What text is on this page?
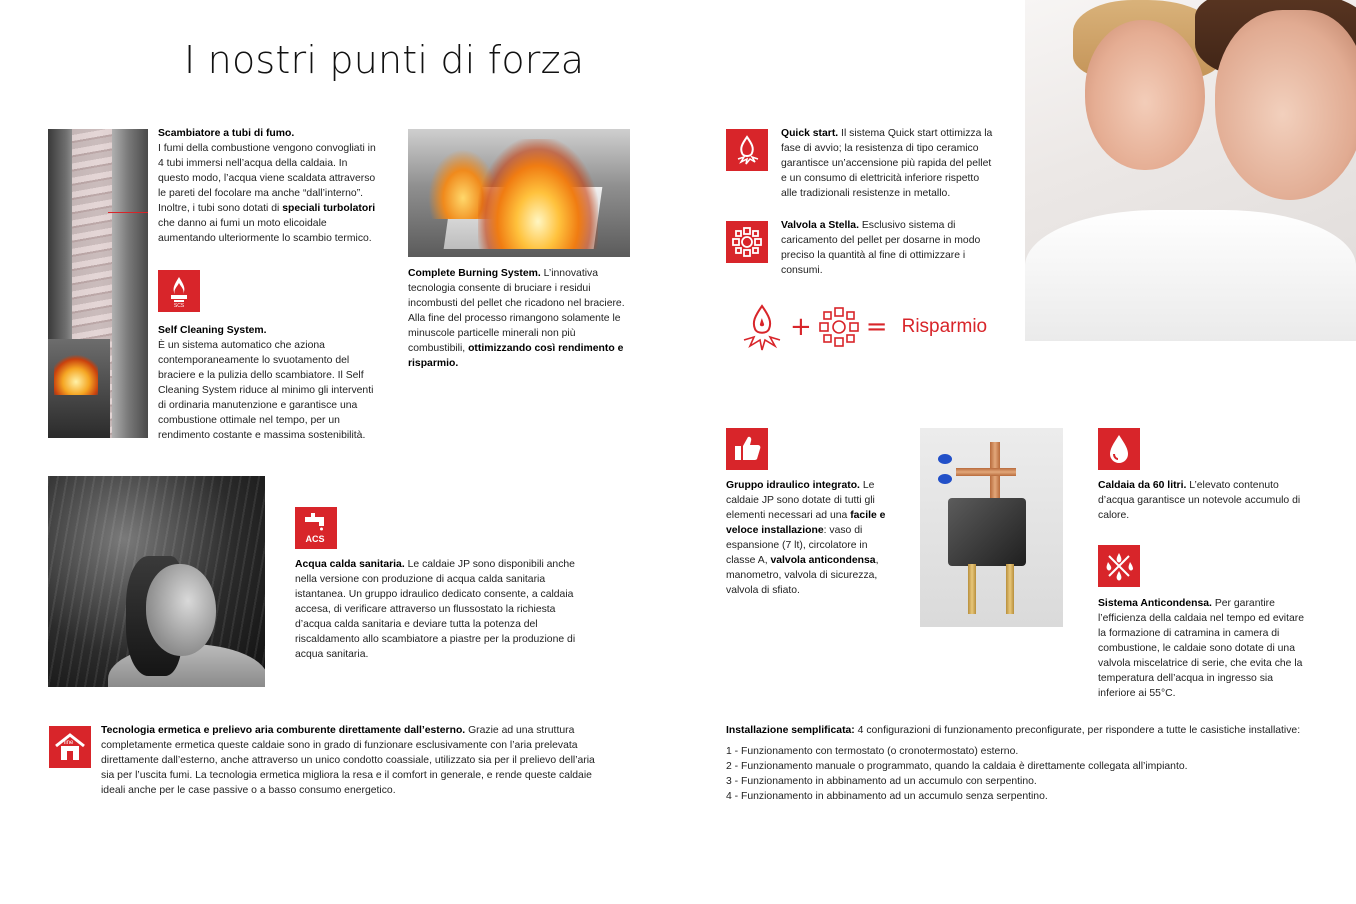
I nostri punti di forza
Scambiatore a tubi di fumo.
I fumi della combustione vengono convogliati in 4 tubi immersi nell’acqua della caldaia. In questo modo, l’acqua viene scaldata attraverso le pareti del focolare ma anche “dall’interno”. Inoltre, i tubi sono dotati di speciali turbolatori che danno ai fumi un moto elicoidale aumentando ulteriormente lo scambio termico.
SCS
Self Cleaning System.
È un sistema automatico che aziona contemporaneamente lo svuotamento del braciere e la pulizia dello scambiatore. Il Self Cleaning System riduce al minimo gli interventi di ordinaria manutenzione e garantisce una combustione ottimale nel tempo, per un rendimento costante e massima sostenibilità.
Complete Burning System. L’innovativa tecnologia consente di bruciare i residui incombusti del pellet che ricadono nel braciere. Alla fine del processo rimangono solamente le minuscole particelle minerali non più combustibili, ottimizzando così rendimento e risparmio.
ACS
Acqua calda sanitaria. Le caldaie JP sono disponibili anche nella versione con produzione di acqua calda sanitaria istantanea. Un gruppo idraulico dedicato consente, a caldaia accesa, di verificare attraverso un flussostato la richiesta d’acqua calda sanitaria e deviare tutta la potenza del riscaldamento allo scambiatore a piastre per la produzione di acqua sanitaria.
line
Tecnologia ermetica e prelievo aria comburente direttamente dall’esterno. Grazie ad una struttura completamente ermetica queste caldaie sono in grado di funzionare esclusivamente con l’aria prelevata direttamente dall’esterno, anche attraverso un unico condotto coassiale, utilizzato sia per il prelievo dell’aria sia per l’uscita fumi. La tecnologia ermetica migliora la resa e il comfort in generale, e rende queste caldaie ideali anche per le case passive o a basso consumo energetico.
Quick start. Il sistema Quick start ottimizza la fase di avvio; la resistenza di tipo ceramico garantisce un’accensione più rapida del pellet e un consumo di elettricità inferiore rispetto alle tradizionali resistenze in metallo.
Valvola a Stella. Esclusivo sistema di caricamento del pellet per dosarne in modo preciso la quantità al fine di ottimizzare i consumi.
+ = Risparmio
Gruppo idraulico integrato. Le caldaie JP sono dotate di tutti gli elementi necessari ad una facile e veloce installazione: vaso di espansione (7 lt), circolatore in classe A, valvola anticondensa, manometro, valvola di sicurezza, valvola di sfiato.
Caldaia da 60 litri. L’elevato contenuto d’acqua garantisce un notevole accumulo di calore.
Sistema Anticondensa. Per garantire l’efficienza della caldaia nel tempo ed evitare la formazione di catramina in camera di combustione, le caldaie sono dotate di una valvola miscelatrice di serie, che evita che la temperatura dell’acqua in ingresso sia inferiore ai 55°C.
Installazione semplificata: 4 configurazioni di funzionamento preconfigurate, per rispondere a tutte le casistiche installative:
1 - Funzionamento con termostato (o cronotermostato) esterno.
2 - Funzionamento manuale o programmato, quando la caldaia è direttamente collegata all’impianto.
3 - Funzionamento in abbinamento ad un accumulo con serpentino.
4 - Funzionamento in abbinamento ad un accumulo senza serpentino.
